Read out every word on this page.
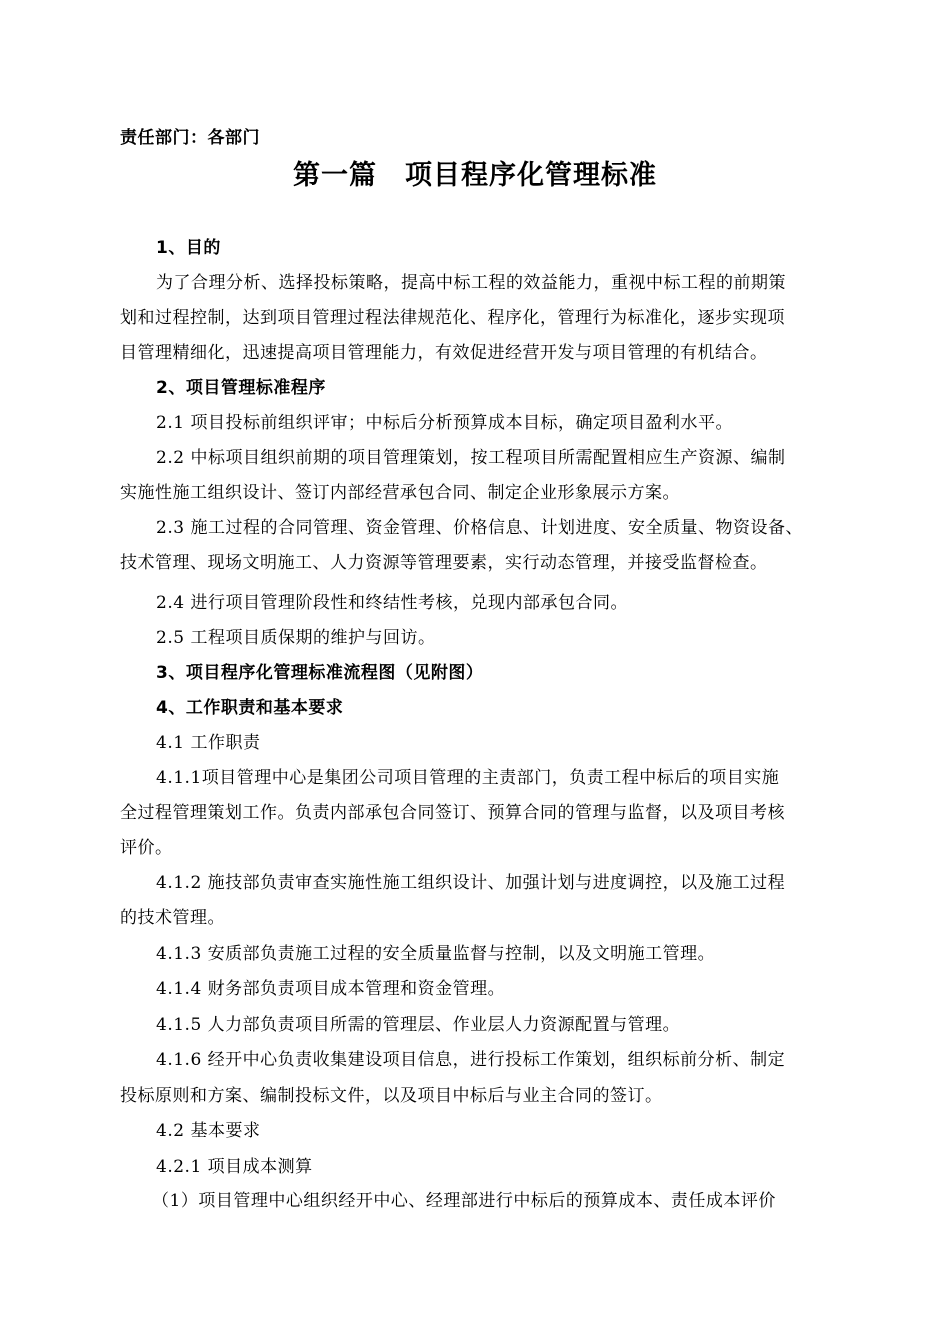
责任部门：各部门
第一篇　项目程序化管理标准
1、目的
为了合理分析、选择投标策略，提高中标工程的效益能力，重视中标工程的前期策
划和过程控制，达到项目管理过程法律规范化、程序化，管理行为标准化，逐步实现项
目管理精细化，迅速提高项目管理能力，有效促进经营开发与项目管理的有机结合。
2、项目管理标准程序
2.1 项目投标前组织评审；中标后分析预算成本目标，确定项目盈利水平。
2.2 中标项目组织前期的项目管理策划，按工程项目所需配置相应生产资源、编制
实施性施工组织设计、签订内部经营承包合同、制定企业形象展示方案。
2.3 施工过程的合同管理、资金管理、价格信息、计划进度、安全质量、物资设备、
技术管理、现场文明施工、人力资源等管理要素，实行动态管理，并接受监督检查。
2.4 进行项目管理阶段性和终结性考核，兑现内部承包合同。
2.5 工程项目质保期的维护与回访。
3、项目程序化管理标准流程图（见附图）
4、工作职责和基本要求
4.1 工作职责
4.1.1项目管理中心是集团公司项目管理的主责部门，负责工程中标后的项目实施
全过程管理策划工作。负责内部承包合同签订、预算合同的管理与监督，以及项目考核
评价。
4.1.2 施技部负责审查实施性施工组织设计、加强计划与进度调控，以及施工过程
的技术管理。
4.1.3 安质部负责施工过程的安全质量监督与控制，以及文明施工管理。
4.1.4 财务部负责项目成本管理和资金管理。
4.1.5 人力部负责项目所需的管理层、作业层人力资源配置与管理。
4.1.6 经开中心负责收集建设项目信息，进行投标工作策划，组织标前分析、制定
投标原则和方案、编制投标文件，以及项目中标后与业主合同的签订。
4.2 基本要求
4.2.1 项目成本测算
（1）项目管理中心组织经开中心、经理部进行中标后的预算成本、责任成本评价
